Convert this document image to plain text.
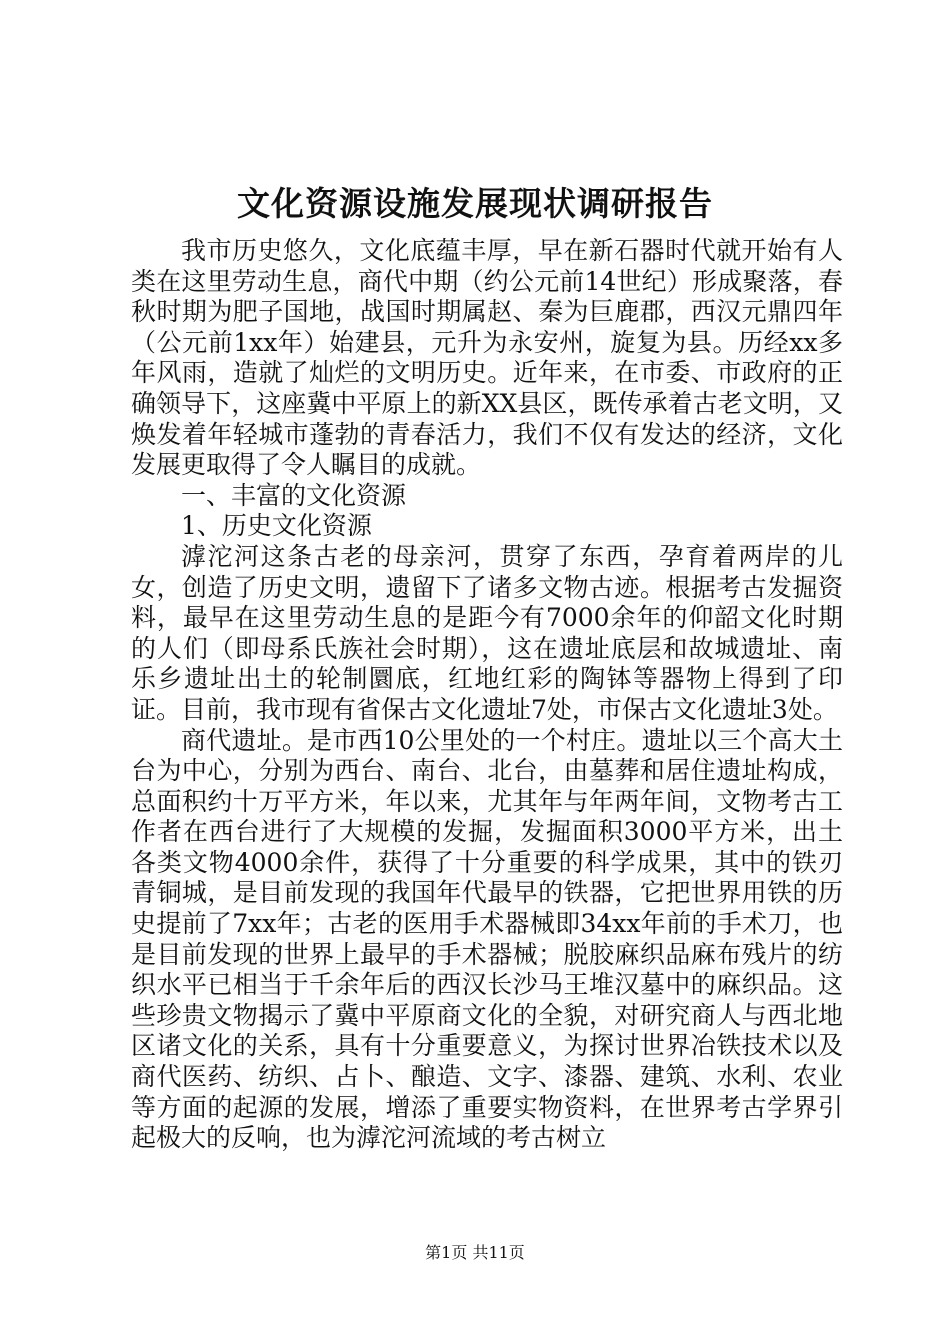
文化资源设施发展现状调研报告

我市历史悠久，文化底蕴丰厚，早在新石器时代就开始有人类在这里劳动生息，商代中期（约公元前14世纪）形成聚落，春秋时期为肥子国地，战国时期属赵、秦为巨鹿郡，西汉元鼎四年（公元前1xx年）始建县，元升为永安州，旋复为县。历经xx多年风雨，造就了灿烂的文明历史。近年来，在市委、市政府的正确领导下，这座冀中平原上的新XX县区，既传承着古老文明，又焕发着年轻城市蓬勃的青春活力，我们不仅有发达的经济，文化发展更取得了令人瞩目的成就。

一、丰富的文化资源

1、历史文化资源

滹沱河这条古老的母亲河，贯穿了东西，孕育着两岸的儿女，创造了历史文明，遗留下了诸多文物古迹。根据考古发掘资料，最早在这里劳动生息的是距今有7000余年的仰韶文化时期的人们（即母系氏族社会时期），这在遗址底层和故城遗址、南乐乡遗址出土的轮制圜底，红地红彩的陶钵等器物上得到了印证。目前，我市现有省保古文化遗址7处，市保古文化遗址3处。

商代遗址。是市西10公里处的一个村庄。遗址以三个高大土台为中心，分别为西台、南台、北台，由墓葬和居住遗址构成，总面积约十万平方米，年以来，尤其年与年两年间，文物考古工作者在西台进行了大规模的发掘，发掘面积3000平方米，出土各类文物4000余件，获得了十分重要的科学成果，其中的铁刃青铜城，是目前发现的我国年代最早的铁器，它把世界用铁的历史提前了7xx年；古老的医用手术器械即34xx年前的手术刀，也是目前发现的世界上最早的手术器械；脱胶麻织品麻布残片的纺织水平已相当于千余年后的西汉长沙马王堆汉墓中的麻织品。这些珍贵文物揭示了冀中平原商文化的全貌，对研究商人与西北地区诸文化的关系，具有十分重要意义，为探讨世界冶铁技术以及商代医药、纺织、占卜、酿造、文字、漆器、建筑、水利、农业等方面的起源的发展，增添了重要实物资料，在世界考古学界引起极大的反响，也为滹沱河流域的考古树立

第1页 共11页
